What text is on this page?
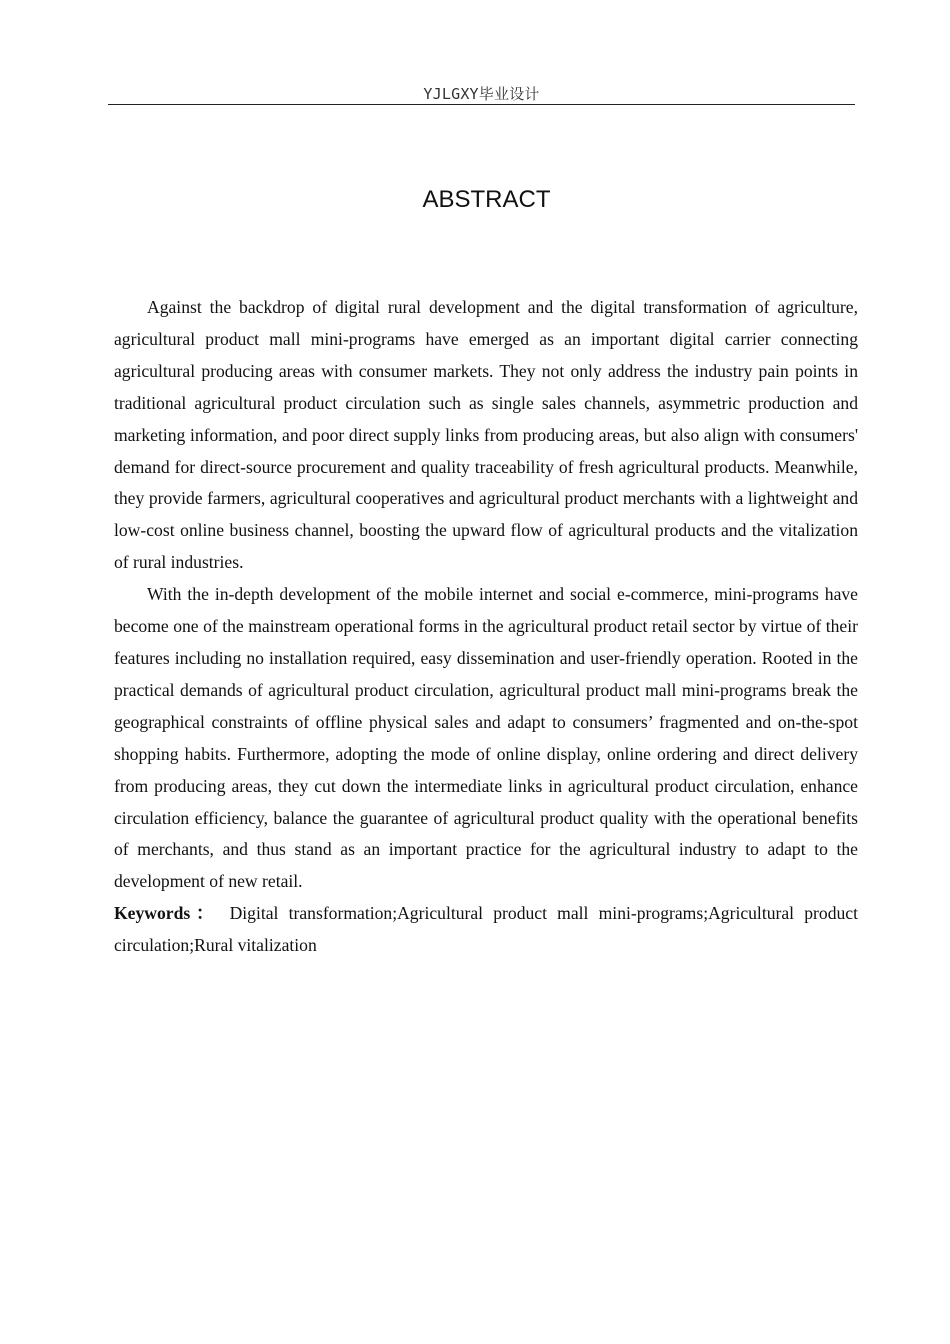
YJLGXY毕业设计
ABSTRACT

Against the backdrop of digital rural development and the digital transformation of agriculture, agricultural product mall mini-programs have emerged as an important digital carrier connecting agricultural producing areas with consumer markets. They not only address the industry pain points in traditional agricultural product circulation such as single sales channels, asymmetric production and marketing information, and poor direct supply links from producing areas, but also align with consumers' demand for direct-source procurement and quality traceability of fresh agricultural products. Meanwhile, they provide farmers, agricultural cooperatives and agricultural product merchants with a lightweight and low-cost online business channel, boosting the upward flow of agricultural products and the vitalization of rural industries.

With the in-depth development of the mobile internet and social e-commerce, mini-programs have become one of the mainstream operational forms in the agricultural product retail sector by virtue of their features including no installation required, easy dissemination and user-friendly operation. Rooted in the practical demands of agricultural product circulation, agricultural product mall mini-programs break the geographical constraints of offline physical sales and adapt to consumers’ fragmented and on-the-spot shopping habits. Furthermore, adopting the mode of online display, online ordering and direct delivery from producing areas, they cut down the intermediate links in agricultural product circulation, enhance circulation efficiency, balance the guarantee of agricultural product quality with the operational benefits of merchants, and thus stand as an important practice for the agricultural industry to adapt to the development of new retail.

Keywords： Digital transformation;Agricultural product mall mini-programs;Agricultural product circulation;Rural vitalization
